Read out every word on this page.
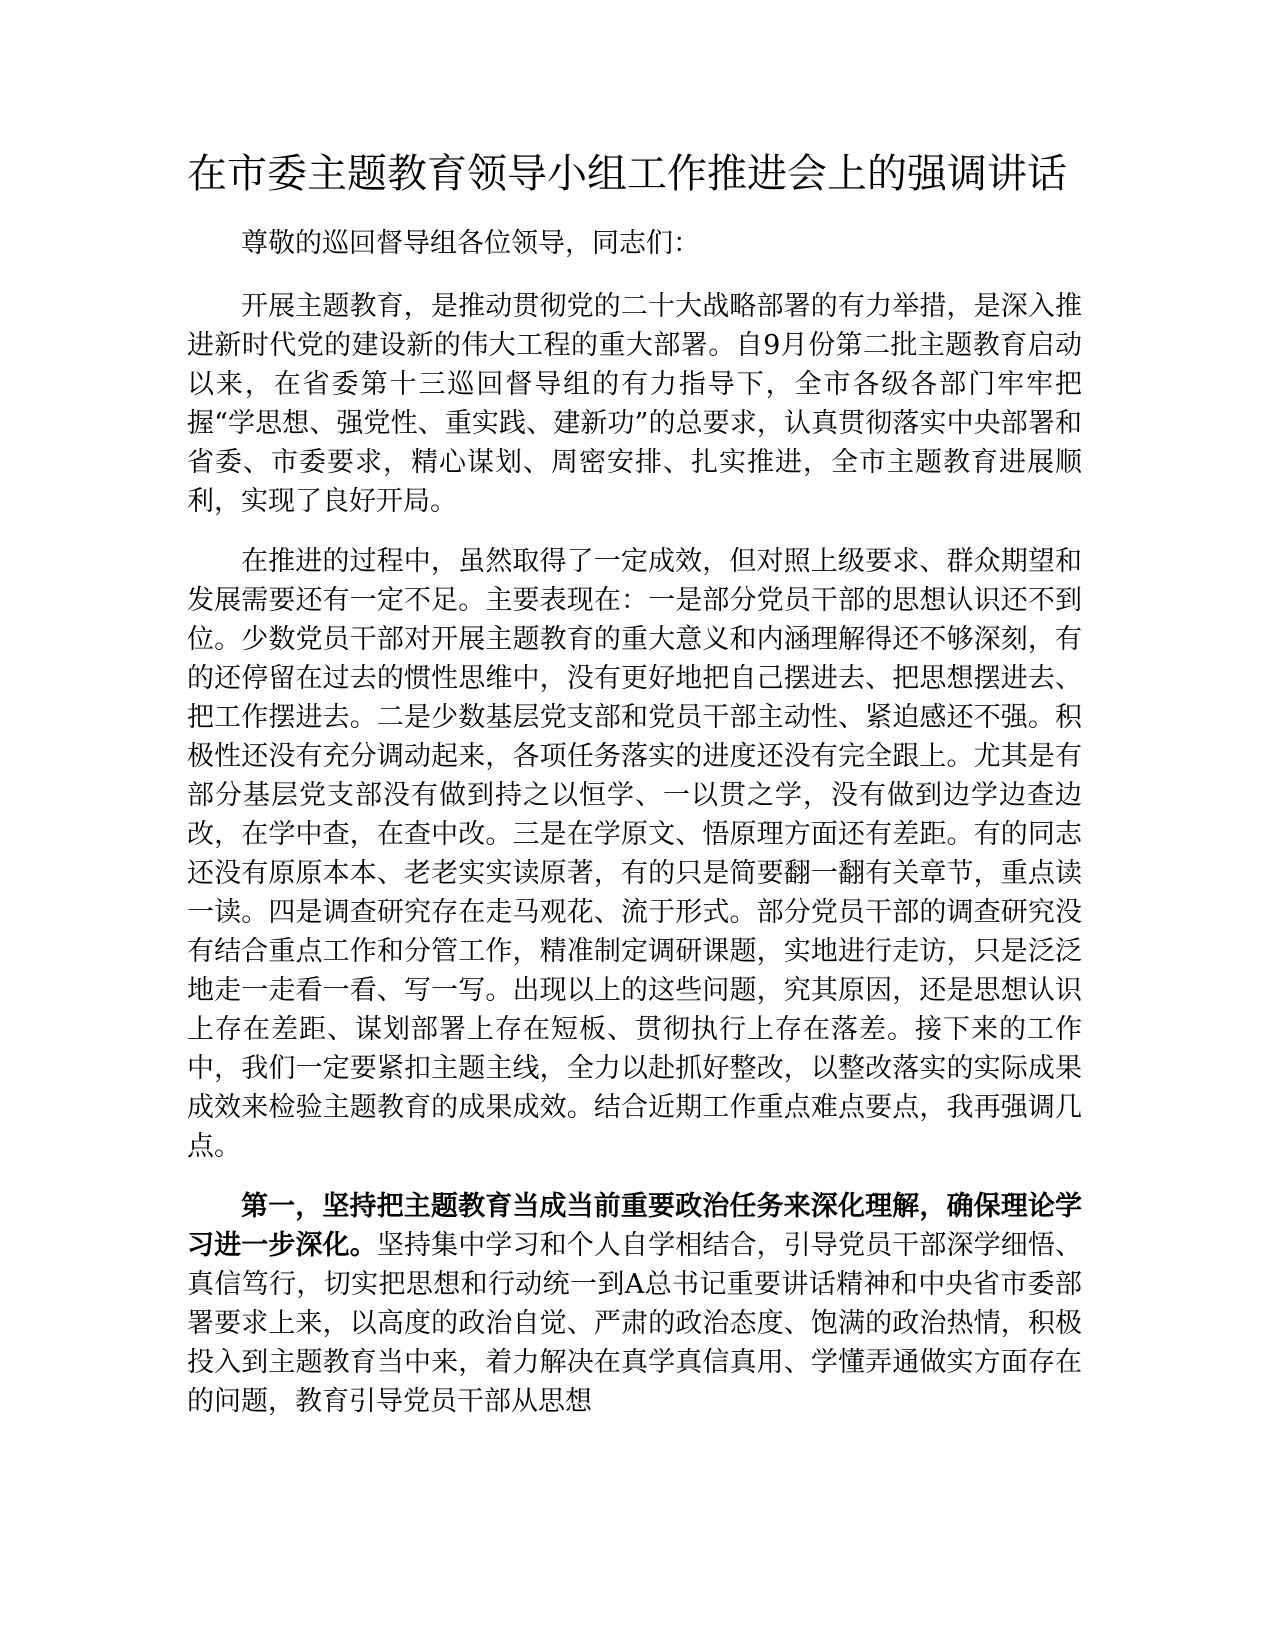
在市委主题教育领导小组工作推进会上的强调讲话

尊敬的巡回督导组各位领导，同志们：

开展主题教育，是推动贯彻党的二十大战略部署的有力举措，是深入推进新时代党的建设新的伟大工程的重大部署。自9月份第二批主题教育启动以来，在省委第十三巡回督导组的有力指导下，全市各级各部门牢牢把握“学思想、强党性、重实践、建新功”的总要求，认真贯彻落实中央部署和省委、市委要求，精心谋划、周密安排、扎实推进，全市主题教育进展顺利，实现了良好开局。

在推进的过程中，虽然取得了一定成效，但对照上级要求、群众期望和发展需要还有一定不足。主要表现在：一是部分党员干部的思想认识还不到位。少数党员干部对开展主题教育的重大意义和内涵理解得还不够深刻，有的还停留在过去的惯性思维中，没有更好地把自己摆进去、把思想摆进去、把工作摆进去。二是少数基层党支部和党员干部主动性、紧迫感还不强。积极性还没有充分调动起来，各项任务落实的进度还没有完全跟上。尤其是有部分基层党支部没有做到持之以恒学、一以贯之学，没有做到边学边查边改，在学中查，在查中改。三是在学原文、悟原理方面还有差距。有的同志还没有原原本本、老老实实读原著，有的只是简要翻一翻有关章节，重点读一读。四是调查研究存在走马观花、流于形式。部分党员干部的调查研究没有结合重点工作和分管工作，精准制定调研课题，实地进行走访，只是泛泛地走一走看一看、写一写。出现以上的这些问题，究其原因，还是思想认识上存在差距、谋划部署上存在短板、贯彻执行上存在落差。接下来的工作中，我们一定要紧扣主题主线，全力以赴抓好整改，以整改落实的实际成果成效来检验主题教育的成果成效。结合近期工作重点难点要点，我再强调几点。

第一，坚持把主题教育当成当前重要政治任务来深化理解，确保理论学习进一步深化。坚持集中学习和个人自学相结合，引导党员干部深学细悟、真信笃行，切实把思想和行动统一到A总书记重要讲话精神和中央省市委部署要求上来，以高度的政治自觉、严肃的政治态度、饱满的政治热情，积极投入到主题教育当中来，着力解决在真学真信真用、学懂弄通做实方面存在的问题，教育引导党员干部从思想
